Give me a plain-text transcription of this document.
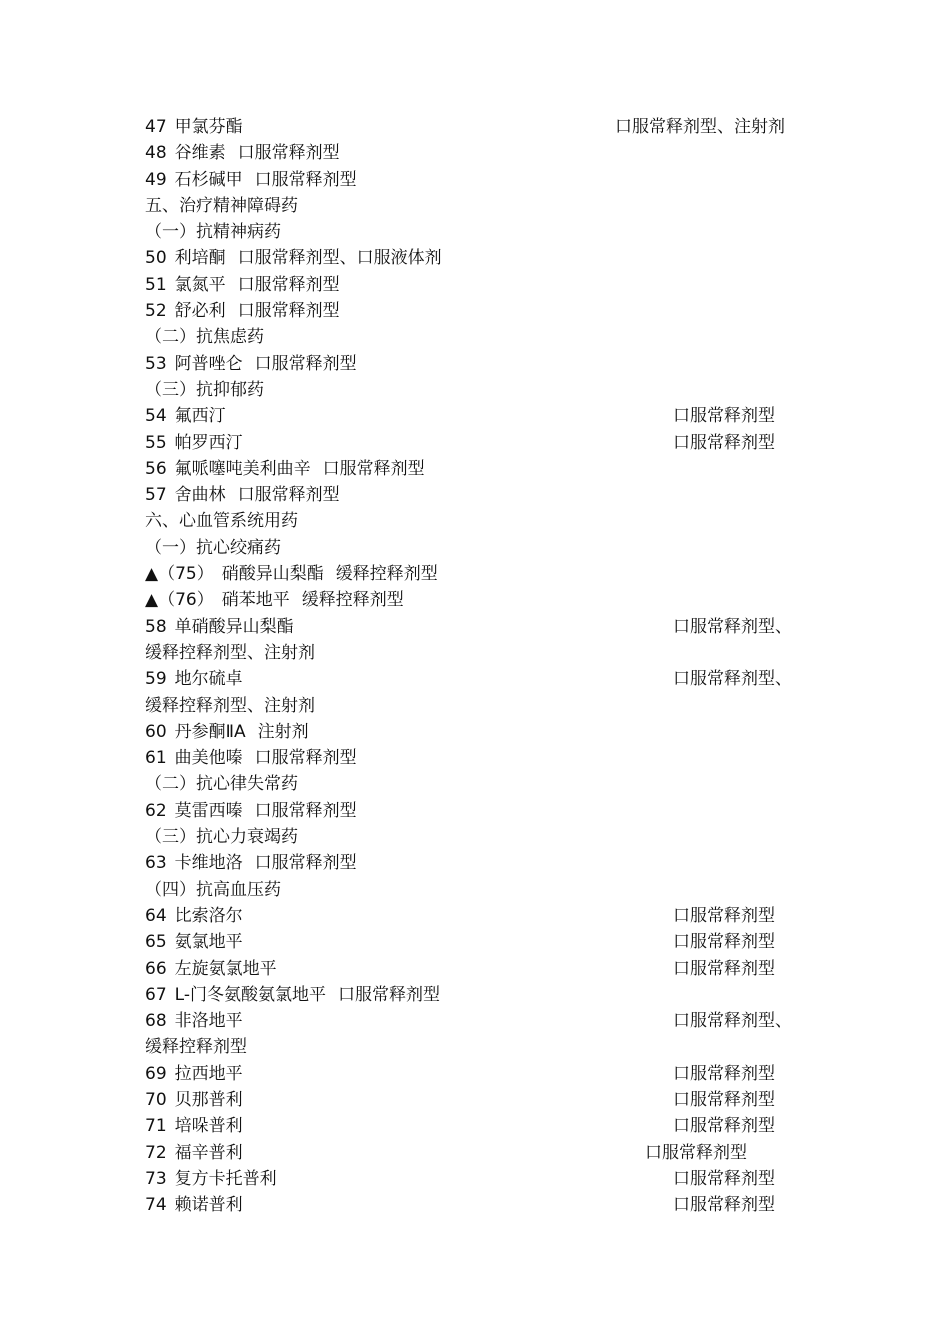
47 甲氯芬酯	口服常释剂型、注射剂
48 谷维素 口服常释剂型
49 石杉碱甲 口服常释剂型
五、治疗精神障碍药
（一）抗精神病药
50 利培酮 口服常释剂型、口服液体剂
51 氯氮平 口服常释剂型
52 舒必利 口服常释剂型
（二）抗焦虑药
53 阿普唑仑 口服常释剂型
（三）抗抑郁药
54 氟西汀	口服常释剂型
55 帕罗西汀	口服常释剂型
56 氟哌噻吨美利曲辛 口服常释剂型
57 舍曲林 口服常释剂型
六、心血管系统用药
（一）抗心绞痛药
▲（75） 硝酸异山梨酯 缓释控释剂型
▲（76） 硝苯地平 缓释控释剂型
58 单硝酸异山梨酯	口服常释剂型、
缓释控释剂型、注射剂
59 地尔硫卓	口服常释剂型、
缓释控释剂型、注射剂
60 丹参酮ⅡA 注射剂
61 曲美他嗪 口服常释剂型
（二）抗心律失常药
62 莫雷西嗪 口服常释剂型
（三）抗心力衰竭药
63 卡维地洛 口服常释剂型
（四）抗高血压药
64 比索洛尔	口服常释剂型
65 氨氯地平	口服常释剂型
66 左旋氨氯地平	口服常释剂型
67 L-门冬氨酸氨氯地平 口服常释剂型
68 非洛地平	口服常释剂型、
缓释控释剂型
69 拉西地平	口服常释剂型
70 贝那普利	口服常释剂型
71 培哚普利	口服常释剂型
72 福辛普利	口服常释剂型
73 复方卡托普利	口服常释剂型
74 赖诺普利	口服常释剂型
